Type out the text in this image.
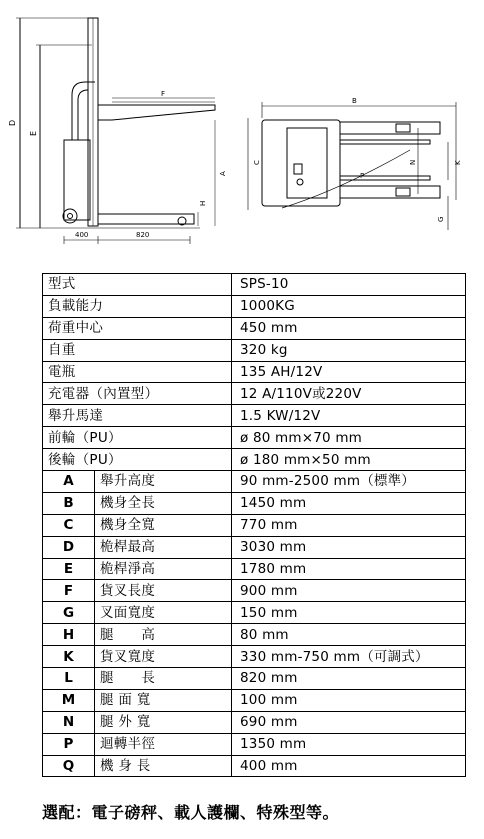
D
E
F
A
H
400	820
B
C	N	K
P
G
型式		SPS-10
負載能力		1000KG
荷重中心		450 mm
自重		320 kg
電瓶		135 AH/12V
充電器（內置型）		12 A/110V或220V
舉升馬達		1.5 KW/12V
前輪（PU）		ø 80 mm×70 mm
後輪（PU）		ø 180 mm×50 mm
A	舉升高度	90 mm-2500 mm（標準）
B	機身全長	1450 mm
C	機身全寬	770 mm
D	桅桿最高	3030 mm
E	桅桿淨高	1780 mm
F	貨叉長度	900 mm
G	叉面寬度	150 mm
H	腿　　高	80 mm
K	貨叉寬度	330 mm-750 mm（可調式）
L	腿　　長	820 mm
M	腿 面 寬	100 mm
N	腿 外 寬	690 mm
P	迴轉半徑	1350 mm
Q	機 身 長	400 mm
選配：電子磅秤、載人護欄、特殊型等。
